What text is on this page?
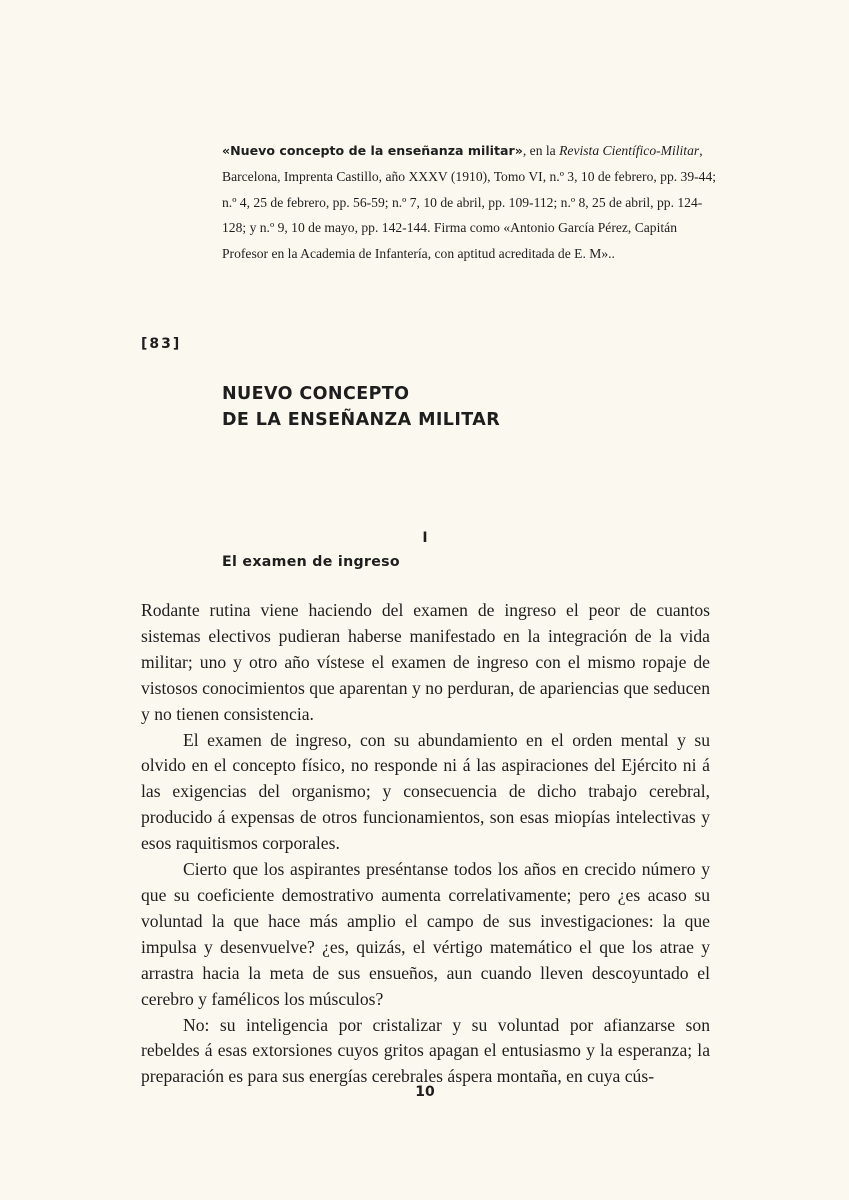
«Nuevo concepto de la enseñanza militar», en la Revista Científico-Militar, Barcelona, Imprenta Castillo, año XXXV (1910), Tomo VI, n.º 3, 10 de febrero, pp. 39-44; n.º 4, 25 de febrero, pp. 56-59; n.º 7, 10 de abril, pp. 109-112; n.º 8, 25 de abril, pp. 124-128; y n.º 9, 10 de mayo, pp. 142-144. Firma como «Antonio García Pérez, Capitán Profesor en la Academia de Infantería, con aptitud acreditada de E. M»..

[83]

NUEVO CONCEPTO
DE LA ENSEÑANZA MILITAR

I

El examen de ingreso

Rodante rutina viene haciendo del examen de ingreso el peor de cuantos sistemas electivos pudieran haberse manifestado en la integración de la vida militar; uno y otro año vístese el examen de ingreso con el mismo ropaje de vistosos conocimientos que aparentan y no perduran, de apariencias que seducen y no tienen consistencia.

El examen de ingreso, con su abundamiento en el orden mental y su olvido en el concepto físico, no responde ni á las aspiraciones del Ejército ni á las exigencias del organismo; y consecuencia de dicho trabajo cerebral, producido á expensas de otros funcionamientos, son esas miopías intelectivas y esos raquitismos corporales.

Cierto que los aspirantes preséntanse todos los años en crecido número y que su coeficiente demostrativo aumenta correlativamente; pero ¿es acaso su voluntad la que hace más amplio el campo de sus investigaciones: la que impulsa y desenvuelve? ¿es, quizás, el vértigo matemático el que los atrae y arrastra hacia la meta de sus ensueños, aun cuando lleven descoyuntado el cerebro y famélicos los músculos?

No: su inteligencia por cristalizar y su voluntad por afianzarse son rebeldes á esas extorsiones cuyos gritos apagan el entusiasmo y la esperanza; la preparación es para sus energías cerebrales áspera montaña, en cuya cús-

10
